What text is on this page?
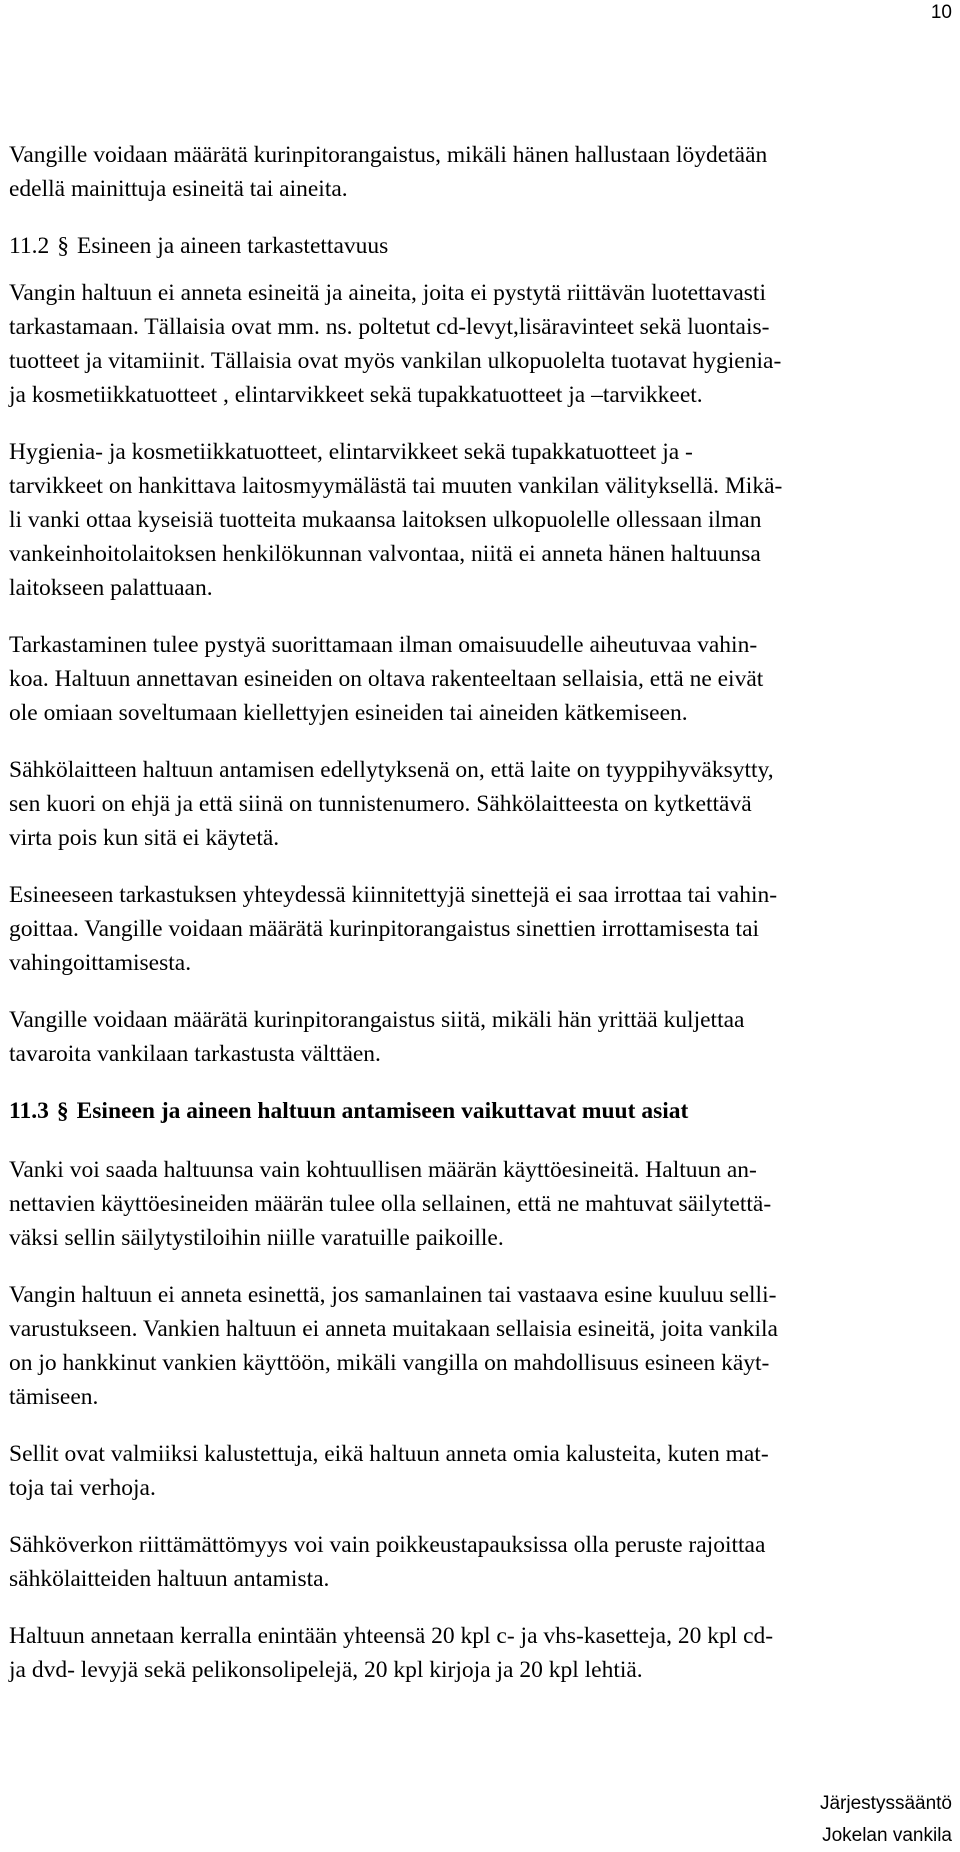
10
Vangille voidaan määrätä kurinpitorangaistus, mikäli hänen hallustaan löydetään
edellä mainittuja esineitä tai aineita.
11.2 § Esineen ja aineen tarkastettavuus
Vangin haltuun ei anneta esineitä ja aineita, joita ei pystytä riittävän luotettavasti
tarkastamaan. Tällaisia ovat mm. ns. poltetut cd-levyt,lisäravinteet sekä luontais-
tuotteet ja vitamiinit. Tällaisia ovat myös vankilan ulkopuolelta tuotavat hygienia-
ja kosmetiikkatuotteet , elintarvikkeet sekä tupakkatuotteet ja –tarvikkeet.
Hygienia- ja kosmetiikkatuotteet, elintarvikkeet sekä tupakkatuotteet ja -
tarvikkeet on hankittava laitosmyymälästä tai muuten vankilan välityksellä. Mikä-
li vanki ottaa kyseisiä tuotteita mukaansa laitoksen ulkopuolelle ollessaan ilman
vankeinhoitolaitoksen henkilökunnan valvontaa, niitä ei anneta hänen haltuunsa
laitokseen palattuaan.
Tarkastaminen tulee pystyä suorittamaan ilman omaisuudelle aiheutuvaa vahin-
koa. Haltuun annettavan esineiden on oltava rakenteeltaan sellaisia, että ne eivät
ole omiaan soveltumaan kiellettyjen esineiden tai aineiden kätkemiseen.
Sähkölaitteen haltuun antamisen edellytyksenä on, että laite on tyyppihyväksytty,
sen kuori on ehjä ja että siinä on tunnistenumero. Sähkölaitteesta on kytkettävä
virta pois kun sitä ei käytetä.
Esineeseen tarkastuksen yhteydessä kiinnitettyjä sinettejä ei saa irrottaa tai vahin-
goittaa. Vangille voidaan määrätä kurinpitorangaistus sinettien irrottamisesta tai
vahingoittamisesta.
Vangille voidaan määrätä kurinpitorangaistus siitä, mikäli hän yrittää kuljettaa
tavaroita vankilaan tarkastusta välttäen.
11.3 § Esineen ja aineen haltuun antamiseen vaikuttavat muut asiat
Vanki voi saada haltuunsa vain kohtuullisen määrän käyttöesineitä. Haltuun an-
nettavien käyttöesineiden määrän tulee olla sellainen, että ne mahtuvat säilytettä-
väksi sellin säilytystiloihin niille varatuille paikoille.
Vangin haltuun ei anneta esinettä, jos samanlainen tai vastaava esine kuuluu selli-
varustukseen. Vankien haltuun ei anneta muitakaan sellaisia esineitä, joita vankila
on jo hankkinut vankien käyttöön, mikäli vangilla on mahdollisuus esineen käyt-
tämiseen.
Sellit ovat valmiiksi kalustettuja, eikä haltuun anneta omia kalusteita, kuten mat-
toja tai verhoja.
Sähköverkon riittämättömyys voi vain poikkeustapauksissa olla peruste rajoittaa
sähkölaitteiden haltuun antamista.
Haltuun annetaan kerralla enintään yhteensä 20 kpl c- ja vhs-kasetteja, 20 kpl cd-
ja dvd- levyjä sekä pelikonsolipelejä, 20 kpl kirjoja ja 20 kpl lehtiä.
Järjestyssääntö
Jokelan vankila
